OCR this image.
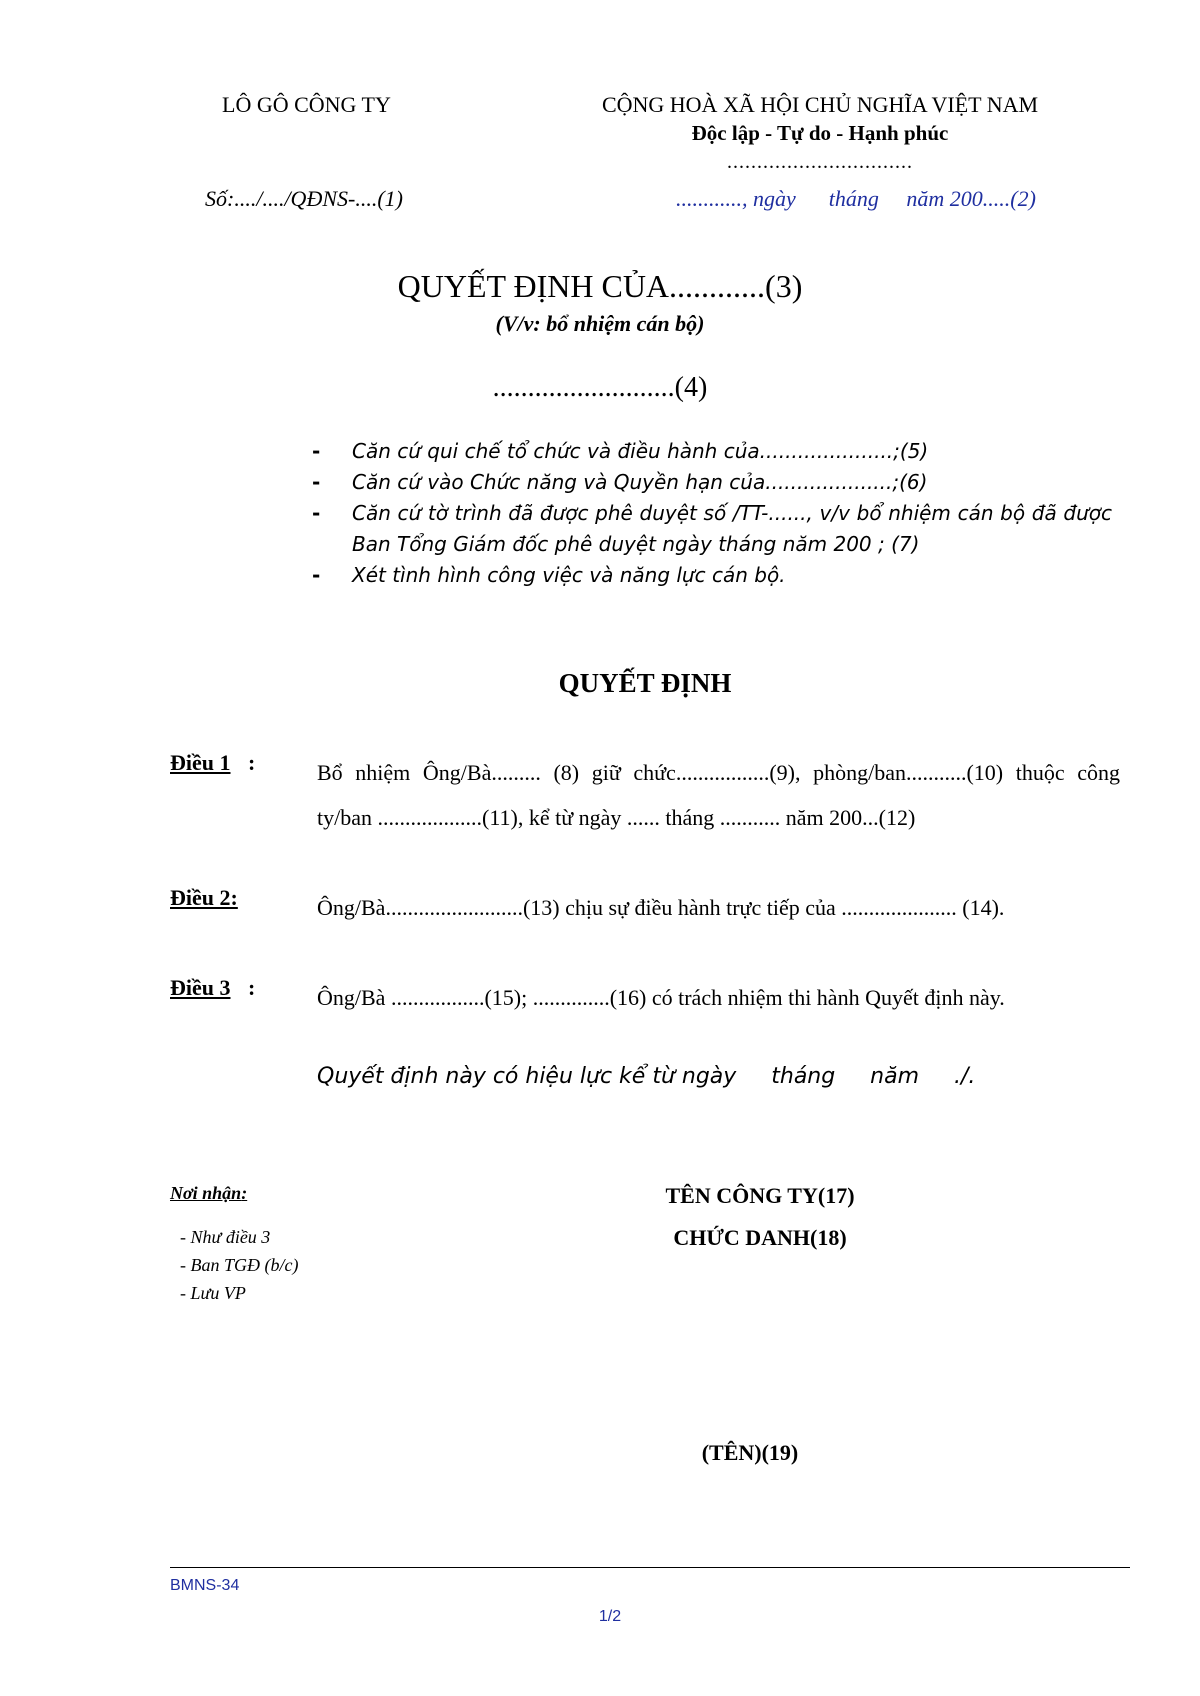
LÔ GÔ CÔNG TY	CỘNG HOÀ XÃ HỘI CHỦ NGHĨA VIỆT NAM
Độc lập - Tự do - Hạnh phúc
...............................
Số:..../..../QĐNS-....(1)	............, ngày      tháng     năm 200.....(2)
QUYẾT ĐỊNH CỦA............(3)
(V/v: bổ nhiệm cán bộ)
..........................(4)
- Căn cứ qui chế tổ chức và điều hành của.....................;(5)
- Căn cứ vào Chức năng và Quyền hạn của....................;(6)
- Căn cứ tờ trình đã được phê duyệt số /TT-......, v/v bổ nhiệm cán bộ đã được Ban Tổng Giám đốc phê duyệt ngày tháng năm 200 ; (7)
- Xét tình hình công việc và năng lực cán bộ.
QUYẾT ĐỊNH
Điều 1 :	Bổ nhiệm Ông/Bà......... (8) giữ chức.................(9), phòng/ban...........(10) thuộc công ty/ban ...................(11), kể từ ngày ...... tháng ........... năm 200...(12)
Điều 2:	Ông/Bà.........................(13) chịu sự điều hành trực tiếp của ..................... (14).
Điều 3 :	Ông/Bà .................(15); ..............(16) có trách nhiệm thi hành Quyết định này.
Quyết định này có hiệu lực kể từ ngày     tháng     năm     ./.
Nơi nhận:
- Như điều 3
- Ban TGĐ (b/c)
- Lưu VP
TÊN CÔNG TY(17)
CHỨC DANH(18)
(TÊN)(19)
BMNS-34
1/2
